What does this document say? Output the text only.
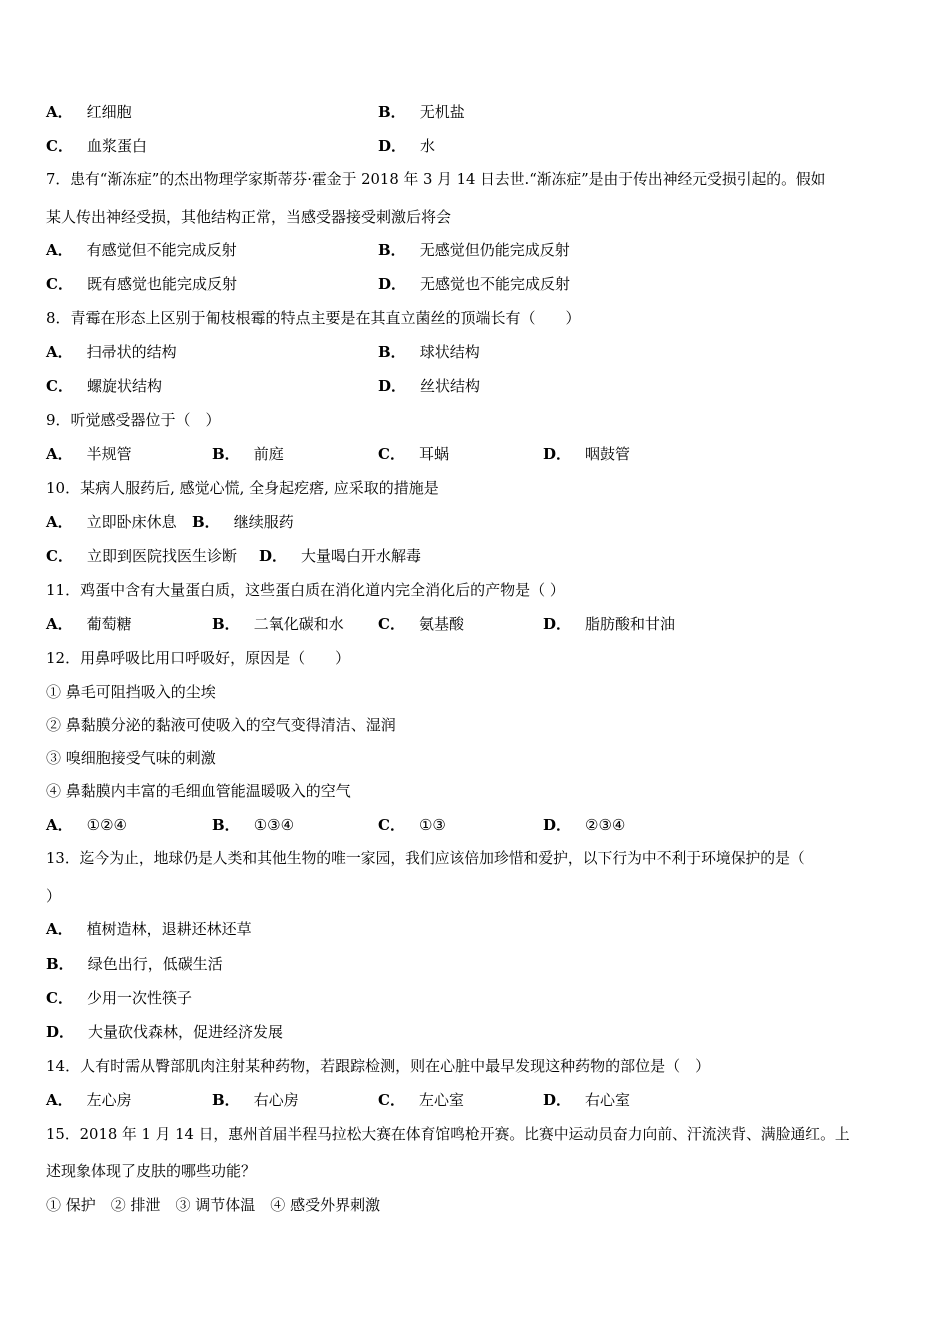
A． 红细胞	B． 无机盐
C． 血浆蛋白	D． 水
7．患有“渐冻症”的杰出物理学家斯蒂芬·霍金于 2018 年 3 月 14 日去世.“渐冻症”是由于传出神经元受损引起的。假如
某人传出神经受损，其他结构正常，当感受器接受刺激后将会
A． 有感觉但不能完成反射	B． 无感觉但仍能完成反射
C． 既有感觉也能完成反射	D． 无感觉也不能完成反射
8．青霉在形态上区别于匍枝根霉的特点主要是在其直立菌丝的顶端长有（　　）
A． 扫帚状的结构	B． 球状结构
C． 螺旋状结构	D． 丝状结构
9．听觉感受器位于（　）
A． 半规管	B． 前庭	C． 耳蜗	D． 咽鼓管
10．某病人服药后, 感觉心慌, 全身起疙瘩, 应采取的措施是
A． 立即卧床休息 B． 继续服药
C． 立即到医院找医生诊断 D． 大量喝白开水解毒
11．鸡蛋中含有大量蛋白质，这些蛋白质在消化道内完全消化后的产物是（ ）
A． 葡萄糖	B． 二氧化碳和水 C． 氨基酸	D． 脂肪酸和甘油
12．用鼻呼吸比用口呼吸好，原因是（　　）
① 鼻毛可阻挡吸入的尘埃
② 鼻黏膜分泌的黏液可使吸入的空气变得清洁、湿润
③ 嗅细胞接受气味的刺激
④ 鼻黏膜内丰富的毛细血管能温暖吸入的空气
A． ①②④	B． ①③④	C． ①③	D． ②③④
13．迄今为止，地球仍是人类和其他生物的唯一家园，我们应该倍加珍惜和爱护，以下行为中不利于环境保护的是（
）
A． 植树造林，退耕还林还草
B． 绿色出行，低碳生活
C． 少用一次性筷子
D． 大量砍伐森林，促进经济发展
14．人有时需从臀部肌肉注射某种药物，若跟踪检测，则在心脏中最早发现这种药物的部位是（　）
A． 左心房	B． 右心房	C． 左心室	D． 右心室
15．2018 年 1 月 14 日，惠州首届半程马拉松大赛在体育馆鸣枪开赛。比赛中运动员奋力向前、汗流浃背、满脸通红。上
述现象体现了皮肤的哪些功能？
① 保护　② 排泄　③ 调节体温　④ 感受外界刺激
